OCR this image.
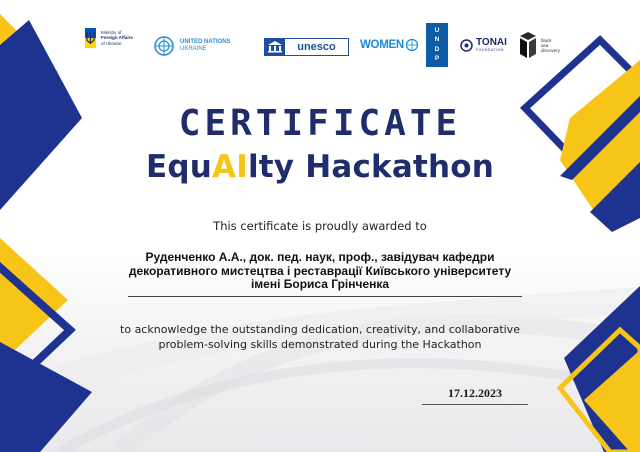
Ministry of
Foreign Affairs
of Ukraine	UNITED NATIONS
UKRAINE	unesco	WOMEN
U
N
D
P
TONAI
FOUNDATION
black
sea
discovery
CERTIFICATE
EquAIlty Hackathon
This certificate is proudly awarded to
Руденченко А.А., док. пед. наук, проф., завідувач кафедри декоративного мистецтва і реставрації Київського університету імені Бориса Грінченка
to acknowledge the outstanding dedication, creativity, and collaborative problem-solving skills demonstrated during the Hackathon
17.12.2023
